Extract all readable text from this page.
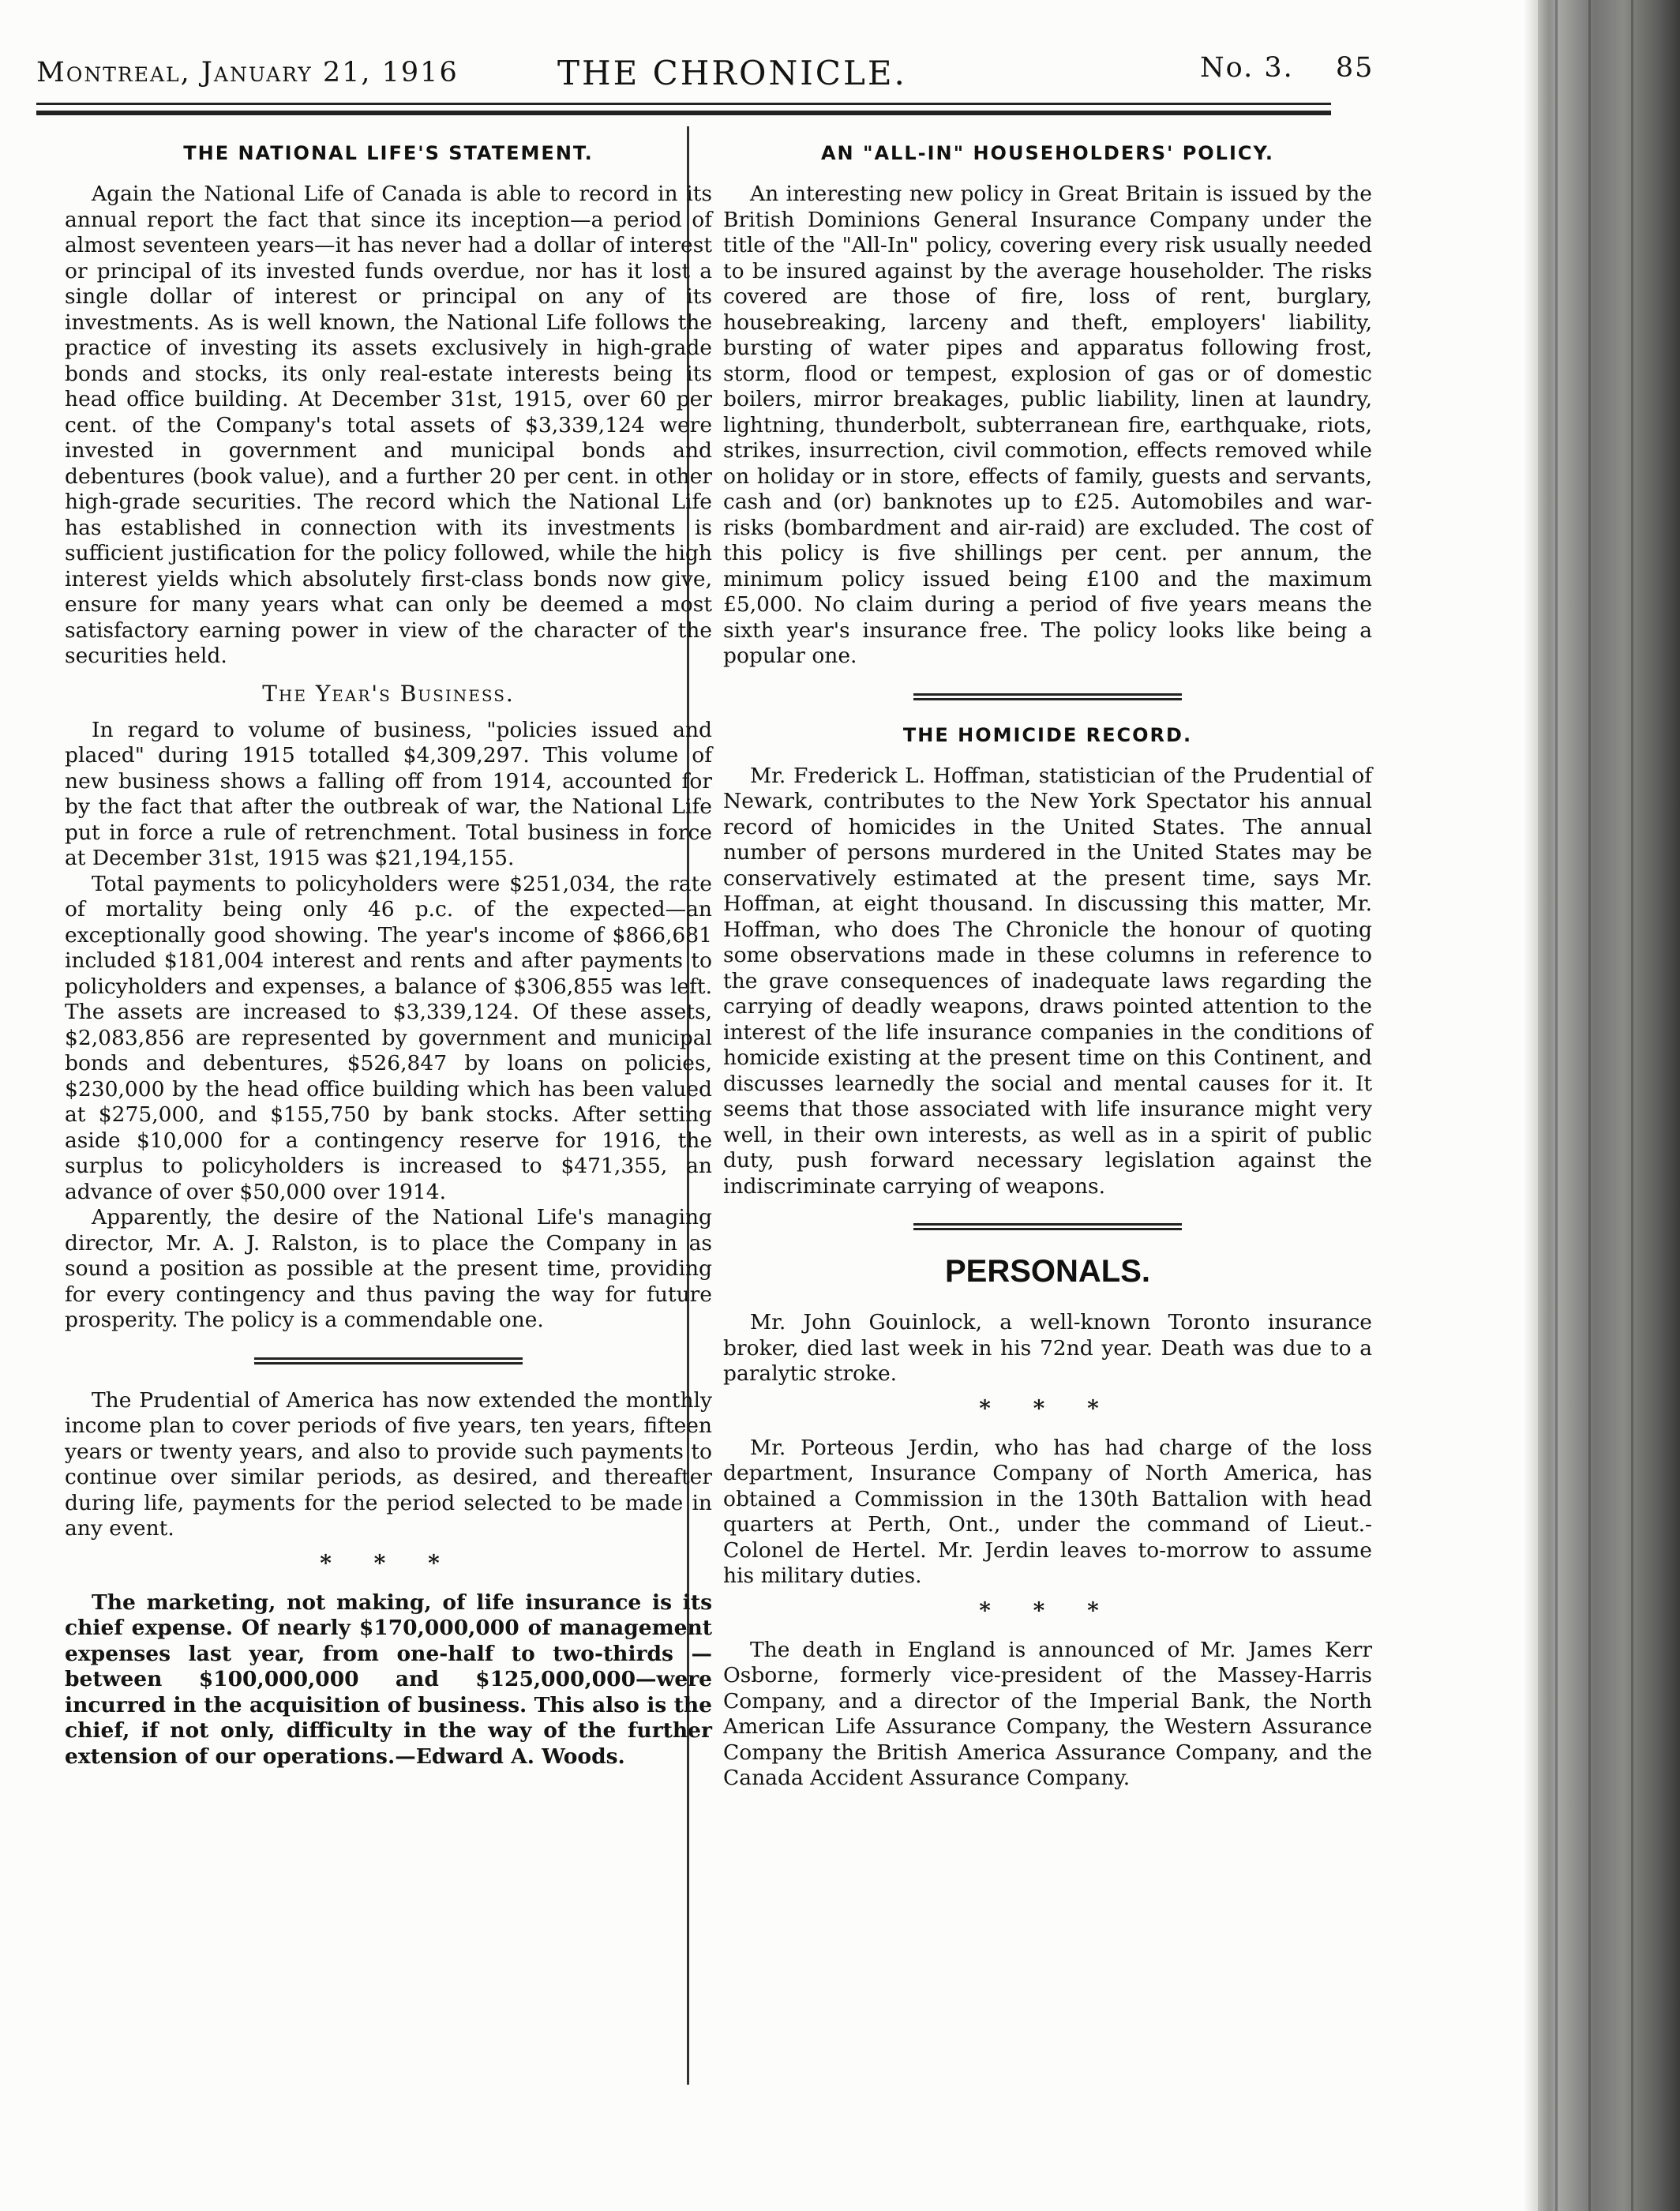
Montreal, January 21, 1916	THE CHRONICLE.	No. 3. 85
THE NATIONAL LIFE'S STATEMENT.

Again the National Life of Canada is able to record in its annual report the fact that since its inception—a period of almost seventeen years—it has never had a dollar of interest or principal of its invested funds overdue, nor has it lost a single dollar of interest or principal on any of its investments. As is well known, the National Life follows the practice of investing its assets exclusively in high-grade bonds and stocks, its only real-estate interests being its head office building. At December 31st, 1915, over 60 per cent. of the Company's total assets of $3,339,124 were invested in government and municipal bonds and debentures (book value), and a further 20 per cent. in other high-grade securities. The record which the National Life has established in connection with its investments is sufficient justification for the policy followed, while the high interest yields which absolutely first-class bonds now give, ensure for many years what can only be deemed a most satisfactory earning power in view of the character of the securities held.

The Year's Business.

In regard to volume of business, "policies issued and placed" during 1915 totalled $4,309,297. This volume of new business shows a falling off from 1914, accounted for by the fact that after the outbreak of war, the National Life put in force a rule of retrenchment. Total business in force at December 31st, 1915 was $21,194,155.

Total payments to policyholders were $251,034, the rate of mortality being only 46 p.c. of the expected—an exceptionally good showing. The year's income of $866,681 included $181,004 interest and rents and after payments to policyholders and expenses, a balance of $306,855 was left. The assets are increased to $3,339,124. Of these assets, $2,083,856 are represented by government and municipal bonds and debentures, $526,847 by loans on policies, $230,000 by the head office building which has been valued at $275,000, and $155,750 by bank stocks. After setting aside $10,000 for a contingency reserve for 1916, the surplus to policyholders is increased to $471,355, an advance of over $50,000 over 1914.

Apparently, the desire of the National Life's managing director, Mr. A. J. Ralston, is to place the Company in as sound a position as possible at the present time, providing for every contingency and thus paving the way for future prosperity. The policy is a commendable one.

The Prudential of America has now extended the monthly income plan to cover periods of five years, ten years, fifteen years or twenty years, and also to provide such payments to continue over similar periods, as desired, and thereafter during life, payments for the period selected to be made in any event.

* * *

The marketing, not making, of life insurance is its chief expense. Of nearly $170,000,000 of management expenses last year, from one-half to two-thirds —between $100,000,000 and $125,000,000—were incurred in the acquisition of business. This also is the chief, if not only, difficulty in the way of the further extension of our operations.—Edward A. Woods.

AN "ALL-IN" HOUSEHOLDERS' POLICY.

An interesting new policy in Great Britain is issued by the British Dominions General Insurance Company under the title of the "All-In" policy, covering every risk usually needed to be insured against by the average householder. The risks covered are those of fire, loss of rent, burglary, housebreaking, larceny and theft, employers' liability, bursting of water pipes and apparatus following frost, storm, flood or tempest, explosion of gas or of domestic boilers, mirror breakages, public liability, linen at laundry, lightning, thunderbolt, subterranean fire, earthquake, riots, strikes, insurrection, civil commotion, effects removed while on holiday or in store, effects of family, guests and servants, cash and (or) banknotes up to £25. Automobiles and war-risks (bombardment and air-raid) are excluded. The cost of this policy is five shillings per cent. per annum, the minimum policy issued being £100 and the maximum £5,000. No claim during a period of five years means the sixth year's insurance free. The policy looks like being a popular one.

THE HOMICIDE RECORD.

Mr. Frederick L. Hoffman, statistician of the Prudential of Newark, contributes to the New York Spectator his annual record of homicides in the United States. The annual number of persons murdered in the United States may be conservatively estimated at the present time, says Mr. Hoffman, at eight thousand. In discussing this matter, Mr. Hoffman, who does The Chronicle the honour of quoting some observations made in these columns in reference to the grave consequences of inadequate laws regarding the carrying of deadly weapons, draws pointed attention to the interest of the life insurance companies in the conditions of homicide existing at the present time on this Continent, and discusses learnedly the social and mental causes for it. It seems that those associated with life insurance might very well, in their own interests, as well as in a spirit of public duty, push forward necessary legislation against the indiscriminate carrying of weapons.

PERSONALS.

Mr. John Gouinlock, a well-known Toronto insurance broker, died last week in his 72nd year. Death was due to a paralytic stroke.

* * *

Mr. Porteous Jerdin, who has had charge of the loss department, Insurance Company of North America, has obtained a Commission in the 130th Battalion with head quarters at Perth, Ont., under the command of Lieut.-Colonel de Hertel. Mr. Jerdin leaves to-morrow to assume his military duties.

* * *

The death in England is announced of Mr. James Kerr Osborne, formerly vice-president of the Massey-Harris Company, and a director of the Imperial Bank, the North American Life Assurance Company, the Western Assurance Company the British America Assurance Company, and the Canada Accident Assurance Company.
